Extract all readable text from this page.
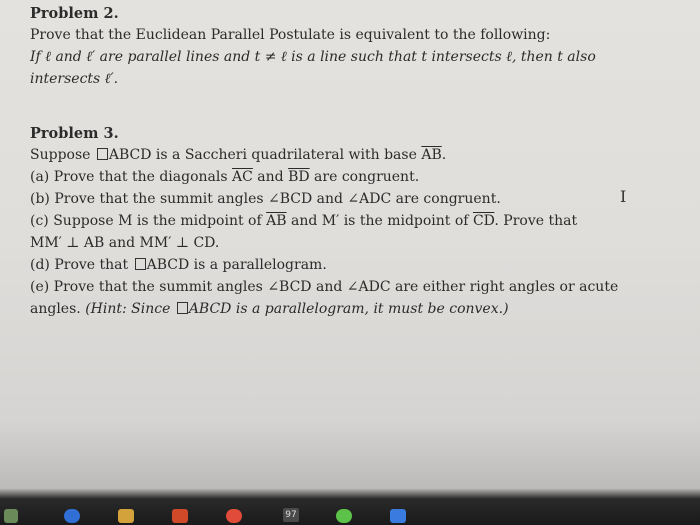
Problem 2.

Prove that the Euclidean Parallel Postulate is equivalent to the following:

If ℓ and ℓ′ are parallel lines and t ≠ ℓ is a line such that t intersects ℓ, then t also

intersects ℓ′.

Problem 3.

Suppose ABCD is a Saccheri quadrilateral with base $\overline{AB}$.

(a) Prove that the diagonals $\overline{AC}$ and $\overline{BD}$ are congruent.

(b) Prove that the summit angles ∠BCD and ∠ADC are congruent.

(c) Suppose M is the midpoint of $\overline{AB}$ and M′ is the midpoint of $\overline{CD}$. Prove that

MM′ ⊥ AB and MM′ ⊥ CD.

(d) Prove that ABCD is a parallelogram.

(e) Prove that the summit angles ∠BCD and ∠ADC are either right angles or acute

angles. (Hint: Since ABCD is a parallelogram, it must be convex.)

I
97
